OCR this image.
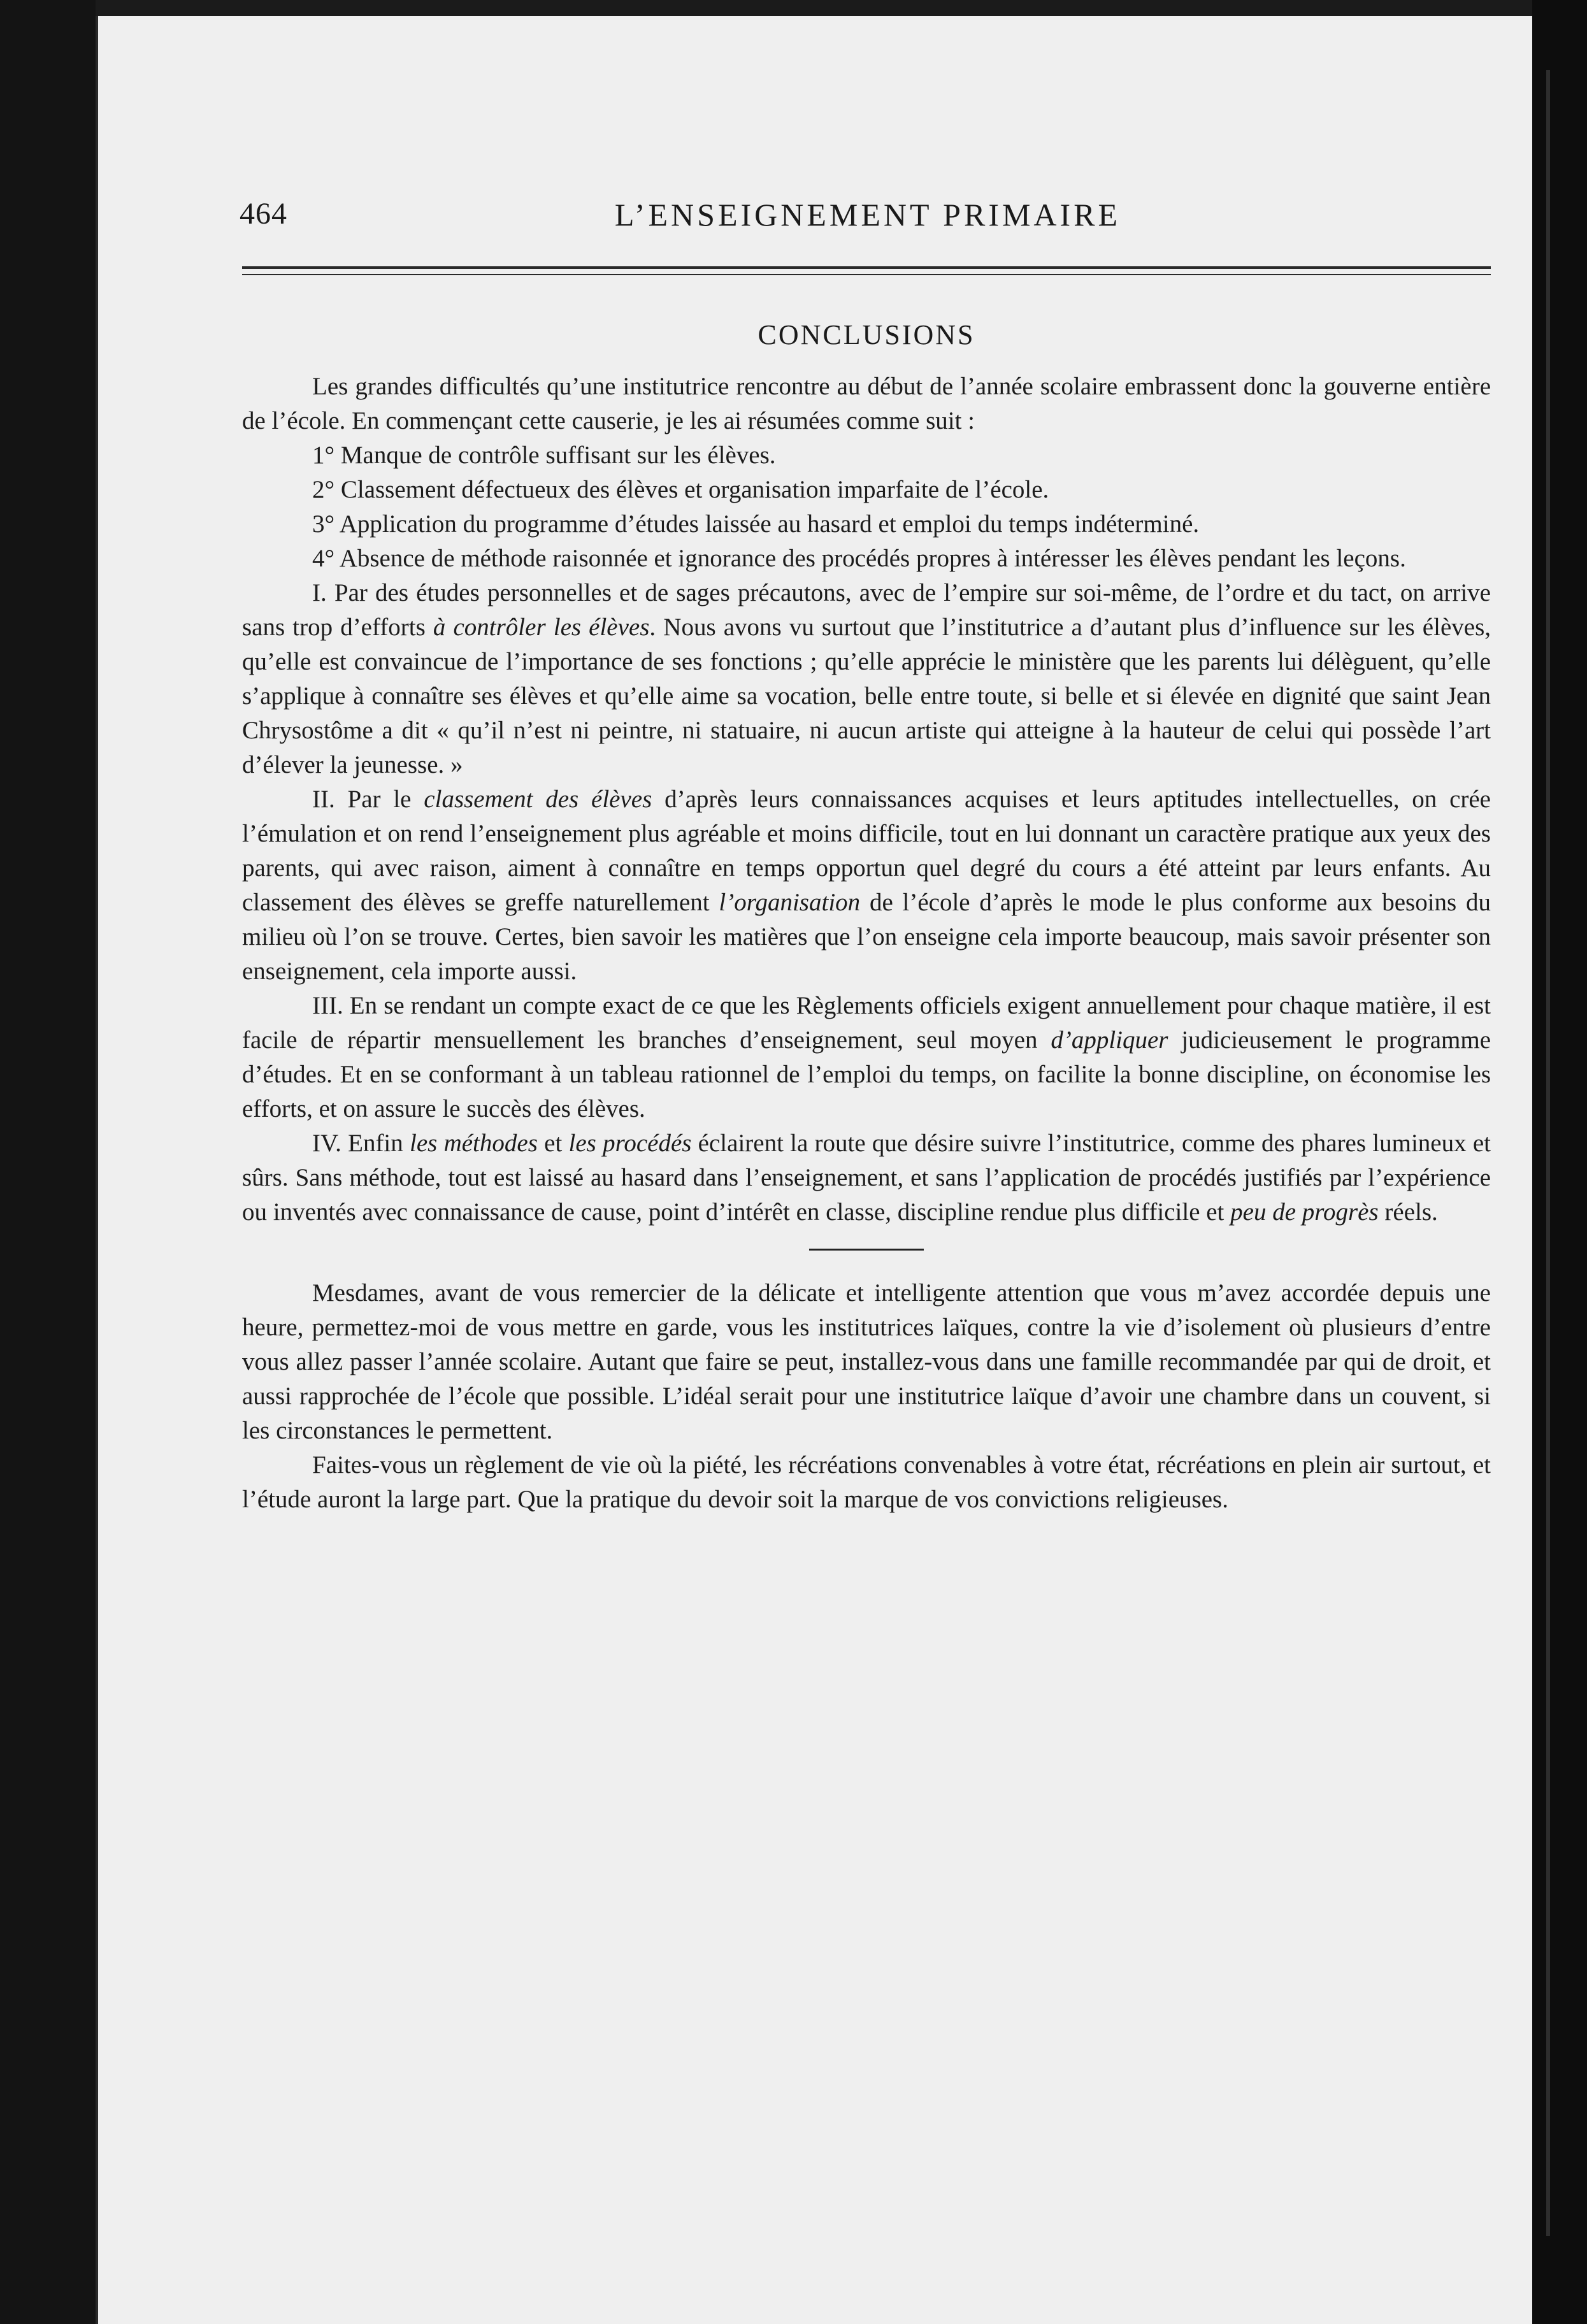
464	L’ENSEIGNEMENT PRIMAIRE
CONCLUSIONS

Les grandes difficultés qu’une institutrice rencontre au début de l’année scolaire embrassent donc la gouverne entière de l’école. En commençant cette causerie, je les ai résumées comme suit :

1° Manque de contrôle suffisant sur les élèves.

2° Classement défectueux des élèves et organisation imparfaite de l’école.

3° Application du programme d’études laissée au hasard et emploi du temps indéterminé.

4° Absence de méthode raisonnée et ignorance des procédés propres à intéresser les élèves pendant les leçons.

I. Par des études personnelles et de sages précautons, avec de l’empire sur soi-même, de l’ordre et du tact, on arrive sans trop d’efforts à contrôler les élèves. Nous avons vu surtout que l’institutrice a d’autant plus d’influence sur les élèves, qu’elle est convaincue de l’importance de ses fonctions ; qu’elle apprécie le ministère que les parents lui délèguent, qu’elle s’applique à connaître ses élèves et qu’elle aime sa vocation, belle entre toute, si belle et si élevée en dignité que saint Jean Chrysostôme a dit « qu’il n’est ni peintre, ni statuaire, ni aucun artiste qui atteigne à la hauteur de celui qui possède l’art d’élever la jeunesse. »

II. Par le classement des élèves d’après leurs connaissances acquises et leurs aptitudes intellectuelles, on crée l’émulation et on rend l’enseignement plus agréable et moins difficile, tout en lui donnant un caractère pratique aux yeux des parents, qui avec raison, aiment à connaître en temps opportun quel degré du cours a été atteint par leurs enfants. Au classement des élèves se greffe naturellement l’organisation de l’école d’après le mode le plus conforme aux besoins du milieu où l’on se trouve. Certes, bien savoir les matières que l’on enseigne cela importe beaucoup, mais savoir présenter son enseignement, cela importe aussi.

III. En se rendant un compte exact de ce que les Règlements officiels exigent annuellement pour chaque matière, il est facile de répartir mensuellement les branches d’enseignement, seul moyen d’appliquer judicieusement le programme d’études. Et en se conformant à un tableau rationnel de l’emploi du temps, on facilite la bonne discipline, on économise les efforts, et on assure le succès des élèves.

IV. Enfin les méthodes et les procédés éclairent la route que désire suivre l’institutrice, comme des phares lumineux et sûrs. Sans méthode, tout est laissé au hasard dans l’enseignement, et sans l’application de procédés justifiés par l’expérience ou inventés avec connaissance de cause, point d’intérêt en classe, discipline rendue plus difficile et peu de progrès réels.

Mesdames, avant de vous remercier de la délicate et intelligente attention que vous m’avez accordée depuis une heure, permettez-moi de vous mettre en garde, vous les institutrices laïques, contre la vie d’isolement où plusieurs d’entre vous allez passer l’année scolaire. Autant que faire se peut, installez-vous dans une famille recommandée par qui de droit, et aussi rapprochée de l’école que possible. L’idéal serait pour une institutrice laïque d’avoir une chambre dans un couvent, si les circonstances le permettent.

Faites-vous un règlement de vie où la piété, les récréations convenables à votre état, récréations en plein air surtout, et l’étude auront la large part. Que la pratique du devoir soit la marque de vos convictions religieuses.
